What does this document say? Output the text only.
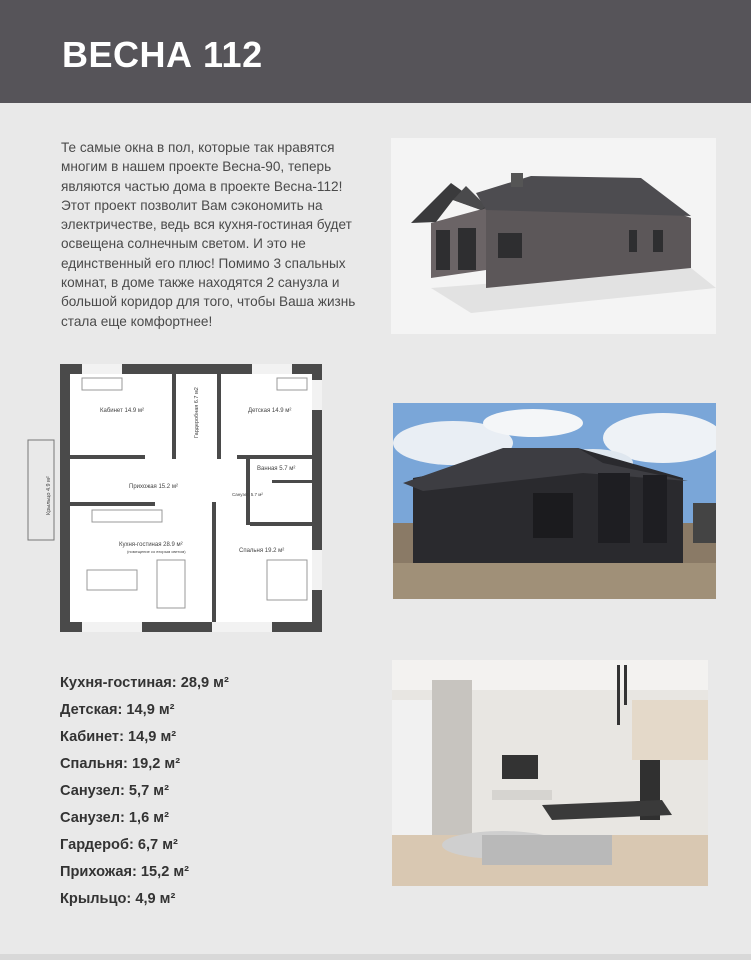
ВЕСНА 112

Те самые окна в пол, которые так нравятся многим в нашем проекте Весна-90, теперь являются частью дома в проекте Весна-112! Этот проект позволит Вам сэкономить на электричестве, ведь вся кухня-гостиная будет освещена солнечным светом. И это не единственный его плюс! Помимо 3 спальных комнат, в доме также находятся 2 санузла и большой коридор для того, чтобы Ваша жизнь стала еще комфортнее!

Кабинет 14.9 м²	Гардеробная 6.7 м2	Детская 14.9 м²
Ванная 5.7 м²
Прихожая 15.2 м²
Санузел 5.7 м²
Крыльцо 4.9 м²
Кухня-гостиная 28.9 м²
(помещение со вторым светом)	Спальня 19.2 м²
Кухня-гостиная: 28,9 м²
Детская: 14,9 м²
Кабинет: 14,9 м²
Спальня: 19,2 м²
Санузел: 5,7 м²
Санузел: 1,6 м²
Гардероб: 6,7 м²
Прихожая: 15,2 м²
Крыльцо: 4,9 м²
